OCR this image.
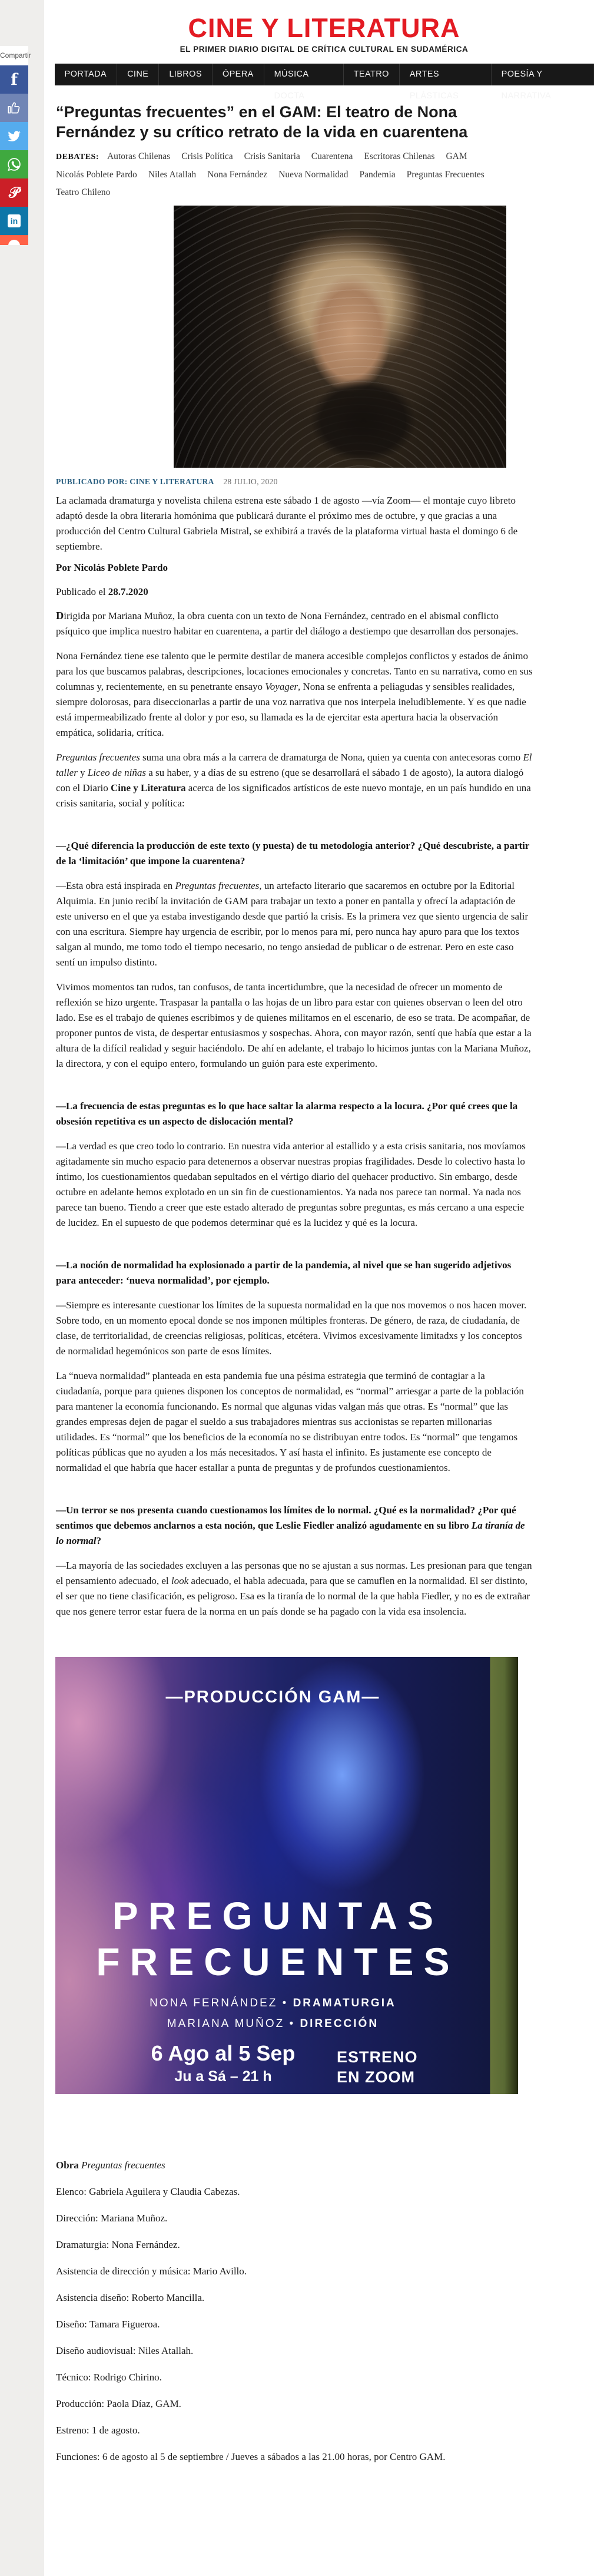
Compartir
f
𝒫
in
CINE Y LITERATURA
EL PRIMER DIARIO DIGITAL DE CRÍTICA CULTURAL EN SUDAMÉRICA
PORTADA	CINE	LIBROS	ÓPERA	MÚSICA DOCTA
TEATRO	ARTES PLÁSTICAS
POESÍA Y NARRATIVA
“Preguntas frecuentes” en el GAM: El teatro de Nona Fernández y su crítico retrato de la vida en cuarentena
DEBATES: Autoras Chilenas Crisis Política Crisis Sanitaria Cuarentena Escritoras Chilenas GAM
Nicolás Poblete Pardo Niles Atallah Nona Fernández Nueva Normalidad Pandemia Preguntas Frecuentes
Teatro Chileno
PUBLICADO POR: CINE Y LITERATURA 28 JULIO, 2020

La aclamada dramaturga y novelista chilena estrena este sábado 1 de agosto —vía Zoom— el montaje cuyo libreto adaptó desde la obra literaria homónima que publicará durante el próximo mes de octubre, y que gracias a una producción del Centro Cultural Gabriela Mistral, se exhibirá a través de la plataforma virtual hasta el domingo 6 de septiembre.

Por Nicolás Poblete Pardo

Publicado el 28.7.2020

Dirigida por Mariana Muñoz, la obra cuenta con un texto de Nona Fernández, centrado en el abismal conflicto psíquico que implica nuestro habitar en cuarentena, a partir del diálogo a destiempo que desarrollan dos personajes.

Nona Fernández tiene ese talento que le permite destilar de manera accesible complejos conflictos y estados de ánimo para los que buscamos palabras, descripciones, locaciones emocionales y concretas. Tanto en su narrativa, como en sus columnas y, recientemente, en su penetrante ensayo Voyager, Nona se enfrenta a peliagudas y sensibles realidades, siempre dolorosas, para diseccionarlas a partir de una voz narrativa que nos interpela ineludiblemente. Y es que nadie está impermeabilizado frente al dolor y por eso, su llamada es la de ejercitar esta apertura hacia la observación empática, solidaria, crítica.

Preguntas frecuentes suma una obra más a la carrera de dramaturga de Nona, quien ya cuenta con antecesoras como El taller y Liceo de niñas a su haber, y a días de su estreno (que se desarrollará el sábado 1 de agosto), la autora dialogó con el Diario Cine y Literatura acerca de los significados artísticos de este nuevo montaje, en un país hundido en una crisis sanitaria, social y política:

—¿Qué diferencia la producción de este texto (y puesta) de tu metodología anterior? ¿Qué descubriste, a partir de la ‘limitación’ que impone la cuarentena?

—Esta obra está inspirada en Preguntas frecuentes, un artefacto literario que sacaremos en octubre por la Editorial Alquimia. En junio recibí la invitación de GAM para trabajar un texto a poner en pantalla y ofrecí la adaptación de este universo en el que ya estaba investigando desde que partió la crisis. Es la primera vez que siento urgencia de salir con una escritura. Siempre hay urgencia de escribir, por lo menos para mí, pero nunca hay apuro para que los textos salgan al mundo, me tomo todo el tiempo necesario, no tengo ansiedad de publicar o de estrenar. Pero en este caso sentí un impulso distinto.

Vivimos momentos tan rudos, tan confusos, de tanta incertidumbre, que la necesidad de ofrecer un momento de reflexión se hizo urgente. Traspasar la pantalla o las hojas de un libro para estar con quienes observan o leen del otro lado. Ese es el trabajo de quienes escribimos y de quienes militamos en el escenario, de eso se trata. De acompañar, de proponer puntos de vista, de despertar entusiasmos y sospechas. Ahora, con mayor razón, sentí que había que estar a la altura de la difícil realidad y seguir haciéndolo. De ahí en adelante, el trabajo lo hicimos juntas con la Mariana Muñoz, la directora, y con el equipo entero, formulando un guión para este experimento.

—La frecuencia de estas preguntas es lo que hace saltar la alarma respecto a la locura. ¿Por qué crees que la obsesión repetitiva es un aspecto de dislocación mental?

—La verdad es que creo todo lo contrario. En nuestra vida anterior al estallido y a esta crisis sanitaria, nos movíamos agitadamente sin mucho espacio para detenernos a observar nuestras propias fragilidades. Desde lo colectivo hasta lo íntimo, los cuestionamientos quedaban sepultados en el vértigo diario del quehacer productivo. Sin embargo, desde octubre en adelante hemos explotado en un sin fin de cuestionamientos. Ya nada nos parece tan normal. Ya nada nos parece tan bueno. Tiendo a creer que este estado alterado de preguntas sobre preguntas, es más cercano a una especie de lucidez. En el supuesto de que podemos determinar qué es la lucidez y qué es la locura.

—La noción de normalidad ha explosionado a partir de la pandemia, al nivel que se han sugerido adjetivos para anteceder: ‘nueva normalidad’, por ejemplo.

—Siempre es interesante cuestionar los límites de la supuesta normalidad en la que nos movemos o nos hacen mover. Sobre todo, en un momento epocal donde se nos imponen múltiples fronteras. De género, de raza, de ciudadanía, de clase, de territorialidad, de creencias religiosas, políticas, etcétera. Vivimos excesivamente limitadxs y los conceptos de normalidad hegemónicos son parte de esos límites.

La “nueva normalidad” planteada en esta pandemia fue una pésima estrategia que terminó de contagiar a la ciudadanía, porque para quienes disponen los conceptos de normalidad, es “normal” arriesgar a parte de la población para mantener la economía funcionando. Es normal que algunas vidas valgan más que otras. Es “normal” que las grandes empresas dejen de pagar el sueldo a sus trabajadores mientras sus accionistas se reparten millonarias utilidades. Es “normal” que los beneficios de la economía no se distribuyan entre todos. Es “normal” que tengamos políticas públicas que no ayuden a los más necesitados. Y así hasta el infinito. Es justamente ese concepto de normalidad el que habría que hacer estallar a punta de preguntas y de profundos cuestionamientos.

—Un terror se nos presenta cuando cuestionamos los límites de lo normal. ¿Qué es la normalidad? ¿Por qué sentimos que debemos anclarnos a esta noción, que Leslie Fiedler analizó agudamente en su libro La tiranía de lo normal?

—La mayoría de las sociedades excluyen a las personas que no se ajustan a sus normas. Les presionan para que tengan el pensamiento adecuado, el look adecuado, el habla adecuada, para que se camuflen en la normalidad. El ser distinto, el ser que no tiene clasificación, es peligroso. Esa es la tiranía de lo normal de la que habla Fiedler, y no es de extrañar que nos genere terror estar fuera de la norma en un país donde se ha pagado con la vida esa insolencia.

—PRODUCCIÓN GAM—
PREGUNTAS
FRECUENTES
NONA FERNÁNDEZ • DRAMATURGIA
MARIANA MUÑOZ • DIRECCIÓN
6 Ago al 5 Sep
Ju a Sá – 21 h
ESTRENO
EN ZOOM

Obra Preguntas frecuentes

Elenco: Gabriela Aguilera y Claudia Cabezas.

Dirección: Mariana Muñoz.

Dramaturgia: Nona Fernández.

Asistencia de dirección y música: Mario Avillo.

Asistencia diseño: Roberto Mancilla.

Diseño: Tamara Figueroa.

Diseño audiovisual: Niles Atallah.

Técnico: Rodrigo Chirino.

Producción: Paola Díaz, GAM.

Estreno: 1 de agosto.

Funciones: 6 de agosto al 5 de septiembre / Jueves a sábados a las 21.00 horas, por Centro GAM.
